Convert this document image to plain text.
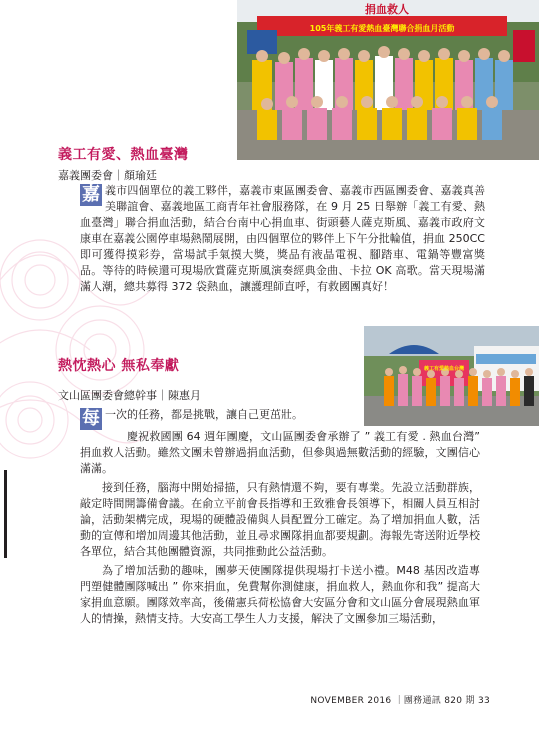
捐血救人
105年義工有愛熱血臺灣聯合捐血月活動
義工有愛、熱血臺灣

嘉義團委會｜顏瑜廷

嘉 義市四個單位的義工夥伴，嘉義市東區團委會、嘉義市西區團委會、嘉義真善美聯誼會、嘉義地區工商青年社會服務隊，在 9 月 25 日舉辦「義工有愛、熱血臺灣」聯合捐血活動，結合台南中心捐血車、街頭藝人薩克斯風、嘉義市政府文康車在嘉義公園停車場熱鬧展開，由四個單位的夥伴上下午分批輪值，捐血 250CC 即可獲得摸彩券，當場試手氣摸大獎，獎品有液晶電視、腳踏車、電鍋等豐富獎品。等待的時候還可現場欣賞薩克斯風演奏經典金曲、卡拉 OK 高歌。當天現場滿滿人潮，總共募得 372 袋熱血，讓護理師直呼，有救國團真好！
義工有愛熱血台灣
熱忱熱心 無私奉獻

文山區團委會總幹事｜陳惠月

每 一次的任務，都是挑戰，讓自己更茁壯。
慶祝救國團 64 週年團慶，文山區團委會承辦了 ” 義工有愛 . 熱血台灣” 捐血救人活動。雖然文團未曾辦過捐血活動，但參與過無數活動的經驗，文團信心滿滿。
接到任務，腦海中開始掃描，只有熱情還不夠，要有專業。先設立活動群族，敲定時間開籌備會議。在俞立平前會長指導和王致雅會長領導下，相關人員互相討論，活動架構完成，現場的硬體設備與人員配置分工確定。為了增加捐血人數，活動的宣傳和增加周邊其他活動，並且尋求團隊捐血都要規劃。海報先寄送附近學校各單位，結合其他團體資源，共同推動此公益活動。
為了增加活動的趣味，團夢天使團隊提供現場打卡送小禮。M48 基因改造專門塑健體團隊喊出 ” 你來捐血，免費幫你測健康，捐血救人，熱血你和我” 提高大家捐血意願。團隊效率高，後備憲兵荷松協會大安區分會和文山區分會展現熱血軍人的情操，熱情支持。大安高工學生人力支援，解決了文團參加三場活動，
NOVEMBER 2016 ｜團務通訊 820 期 33
